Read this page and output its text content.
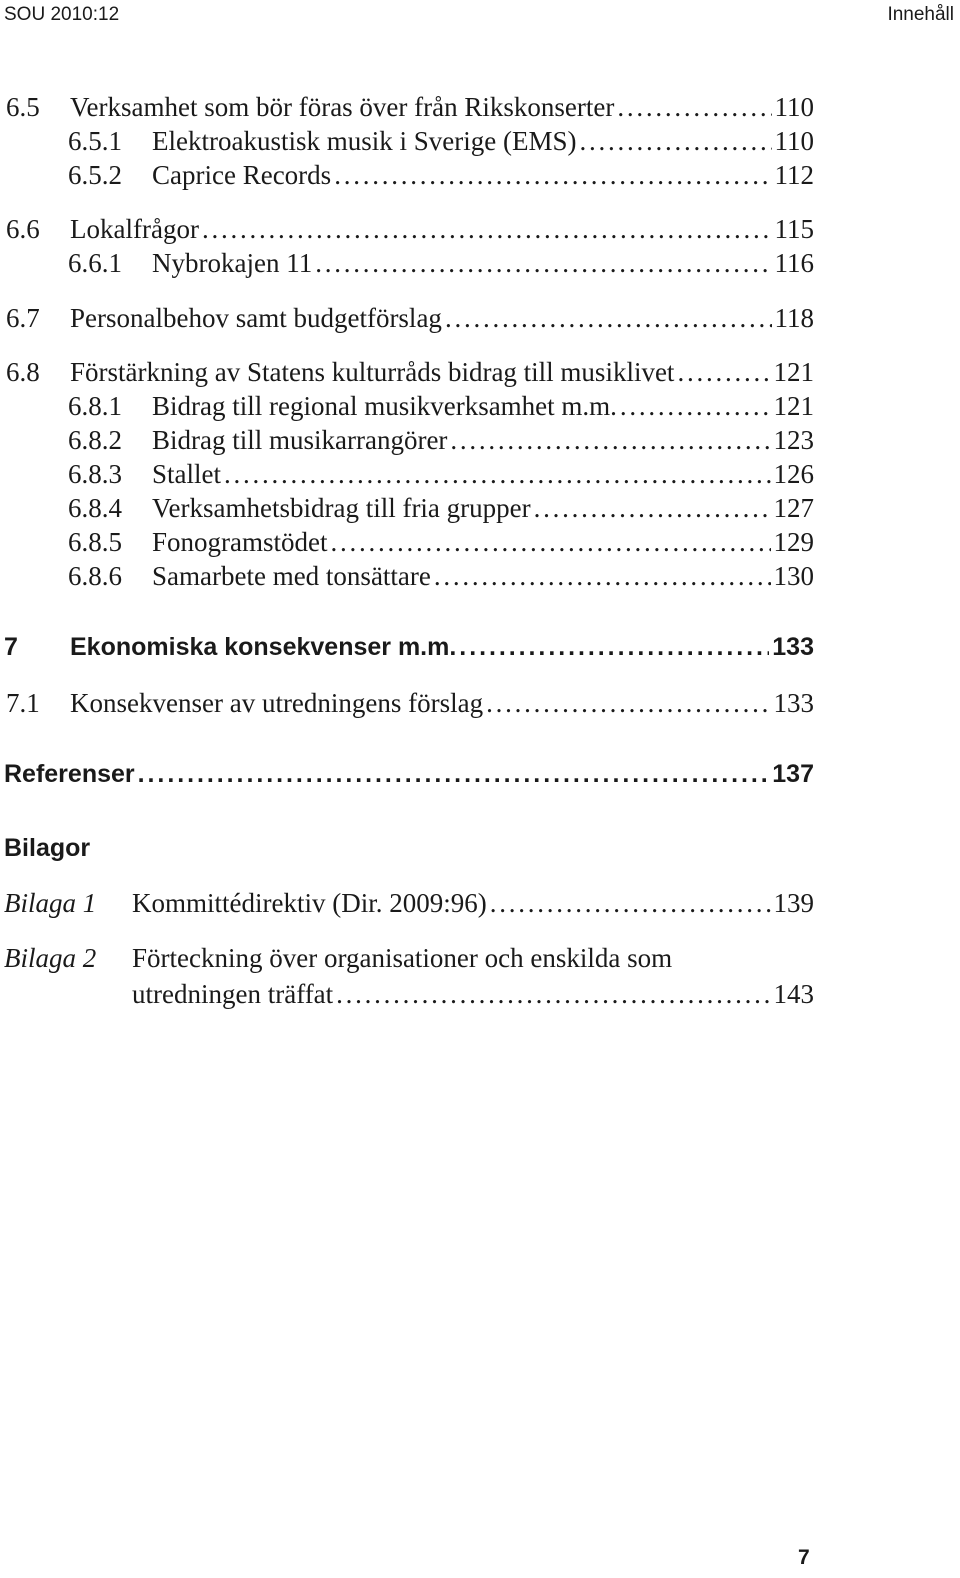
SOU 2010:12	Innehåll
6.5	Verksamhet som bör föras över från Rikskonserter . . .	110
6.5.1	Elektroakustisk musik i Sverige (EMS) . . .	110
6.5.2	Caprice Records . . .	112
6.6	Lokalfrågor . . .	115
6.6.1	Nybrokajen 11 . . .	116
6.7	Personalbehov samt budgetförslag . . .	118
6.8	Förstärkning av Statens kulturråds bidrag till musiklivet . . .	121
6.8.1	Bidrag till regional musikverksamhet m.m. . . .	121
6.8.2	Bidrag till musikarrangörer . . .	123
6.8.3	Stallet . . .	126
6.8.4	Verksamhetsbidrag till fria grupper . . .	127
6.8.5	Fonogramstödet . . .	129
6.8.6	Samarbete med tonsättare . . .	130
7	Ekonomiska konsekvenser m.m. . . .	133
7.1	Konsekvenser av utredningens förslag . . .	133
Referenser . . .	137
Bilagor
Bilaga 1	Kommittédirektiv (Dir. 2009:96) . . .	139
Bilaga 2 Förteckning över organisationer och enskilda som
utredningen träffat . . .	143
7
